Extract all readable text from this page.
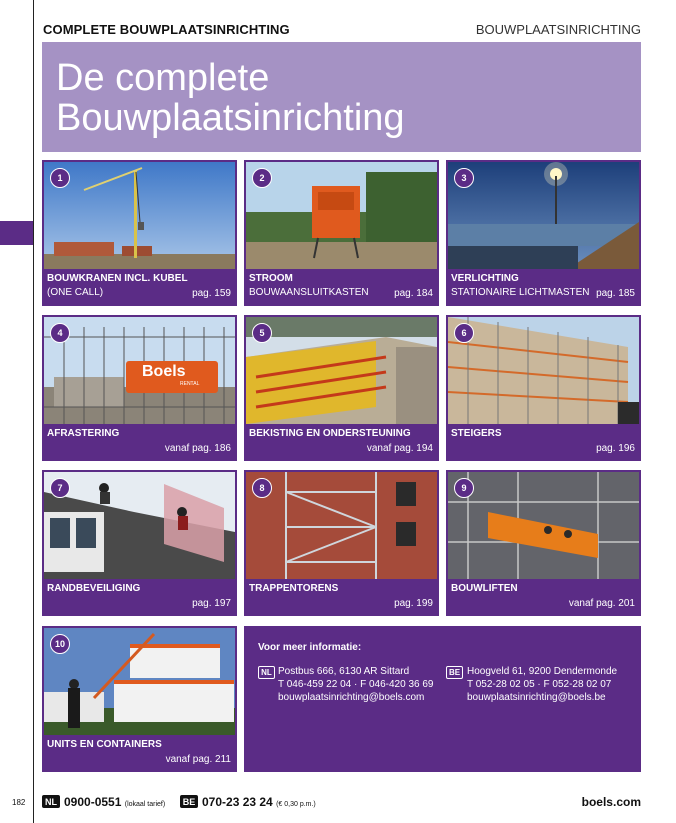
COMPLETE BOUWPLAATSINRICHTING	BOUWPLAATSINRICHTING
De complete
Bouwplaatsinrichting
1
BOUWKRANEN INCL. KUBEL
(ONE CALL)	pag. 159
2
STROOM
BOUWAANSLUITKASTEN	pag. 184
3
VERLICHTING
STATIONAIRE LICHTMASTEN pag. 185
Boels
RENTAL
4
AFRASTERING
vanaf pag. 186
5
BEKISTING EN ONDERSTEUNING
vanaf pag. 194
6
STEIGERS
pag. 196
7
RANDBEVEILIGING
pag. 197
8
TRAPPENTORENS
pag. 199
9
BOUWLIFTEN
vanaf pag. 201
10
UNITS EN CONTAINERS
vanaf pag. 211
Voor meer informatie:
NL Postbus 666, 6130 AR Sittard
T 046-459 22 04 · F 046-420 36 69
bouwplaatsinrichting@boels.com
BE Hoogveld 61, 9200 Dendermonde
T 052-28 02 05 · F 052-28 02 07
bouwplaatsinrichting@boels.be
182	NL 0900-0551 (lokaal tarief)	BE 070-23 23 24 (€ 0,30 p.m.)	boels.com
